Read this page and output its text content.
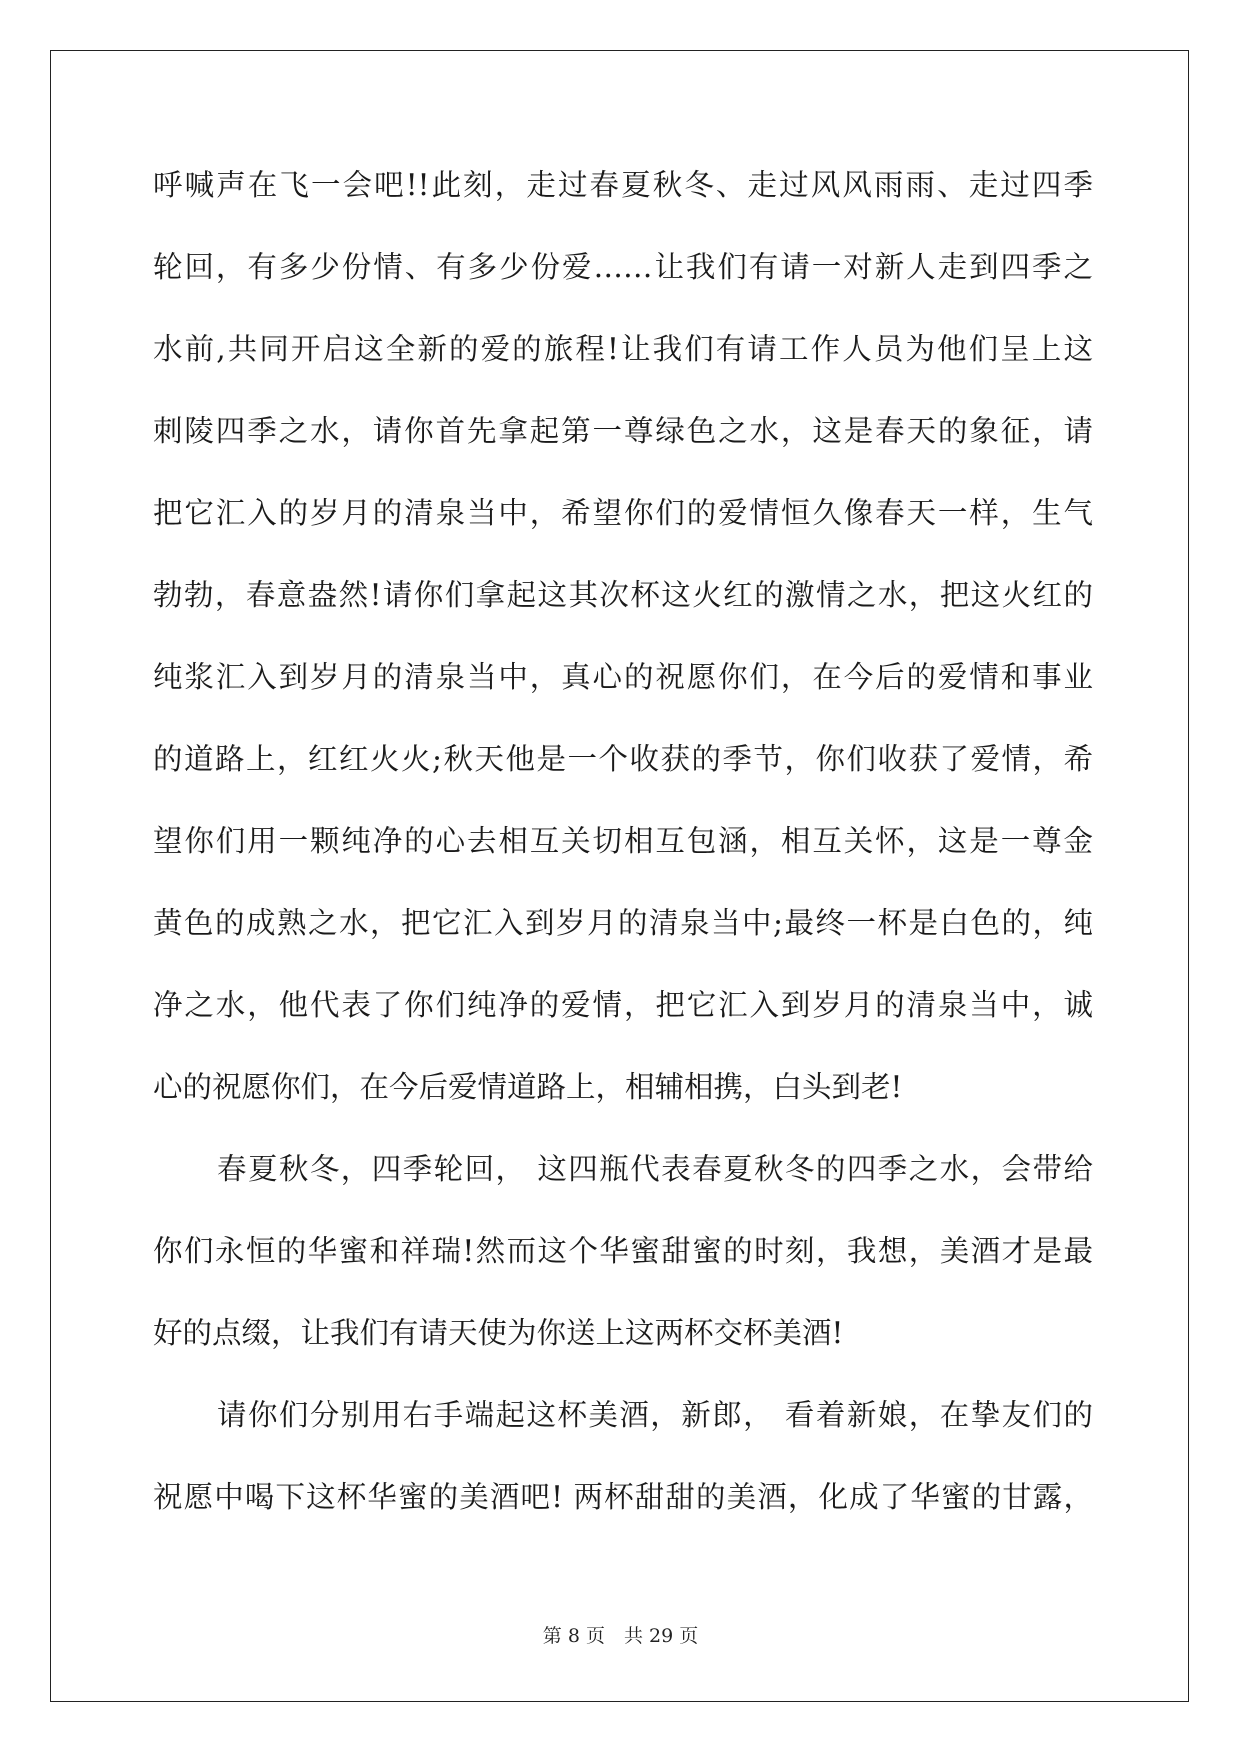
呼喊声在飞一会吧!!此刻，走过春夏秋冬、走过风风雨雨、走过四季
轮回，有多少份情、有多少份爱……让我们有请一对新人走到四季之
水前,共同开启这全新的爱的旅程!让我们有请工作人员为他们呈上这
刺陵四季之水，请你首先拿起第一尊绿色之水，这是春天的象征，请
把它汇入的岁月的清泉当中，希望你们的爱情恒久像春天一样，生气
勃勃，春意盎然!请你们拿起这其次杯这火红的激情之水，把这火红的
纯浆汇入到岁月的清泉当中，真心的祝愿你们，在今后的爱情和事业
的道路上，红红火火;秋天他是一个收获的季节，你们收获了爱情，希
望你们用一颗纯净的心去相互关切相互包涵，相互关怀，这是一尊金
黄色的成熟之水，把它汇入到岁月的清泉当中;最终一杯是白色的，纯
净之水，他代表了你们纯净的爱情，把它汇入到岁月的清泉当中，诚
心的祝愿你们，在今后爱情道路上，相辅相携，白头到老!
春夏秋冬，四季轮回， 这四瓶代表春夏秋冬的四季之水，会带给
你们永恒的华蜜和祥瑞!然而这个华蜜甜蜜的时刻，我想，美酒才是最
好的点缀，让我们有请天使为你送上这两杯交杯美酒!
请你们分别用右手端起这杯美酒，新郎， 看着新娘，在挚友们的
祝愿中喝下这杯华蜜的美酒吧! 两杯甜甜的美酒，化成了华蜜的甘露，
第 8 页　共 29 页
